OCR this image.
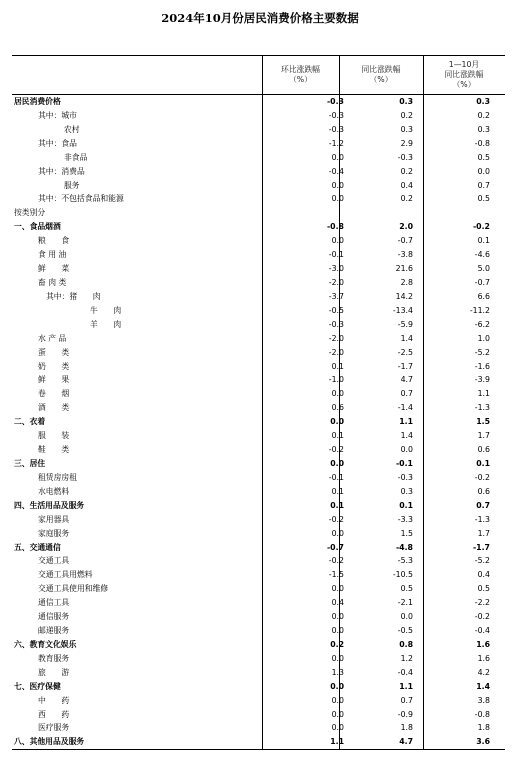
2024年10月份居民消费价格主要数据
环比涨跌幅
（%）
同比涨跌幅
（%）
1—10月
同比涨跌幅
（%）
居民消费价格	-0.3	0.3	0.3
其中：城市	-0.3	0.2	0.2
农村	-0.3	0.3	0.3
其中：食品	-1.2	2.9	-0.8
非食品	0.0	-0.3	0.5
其中：消费品	-0.4	0.2	0.0
服务	0.0	0.4	0.7
其中：不包括食品和能源	0.0	0.2	0.5
按类别分
一、食品烟酒	-0.8	2.0	-0.2
粮　　食	0.0	-0.7	0.1
食 用 油	-0.1	-3.8	-4.6
鲜　　菜	-3.0	21.6	5.0
畜 肉 类	-2.0	2.8	-0.7
其中：猪　　肉	-3.7	14.2	6.6
牛　　肉	-0.5	-13.4	-11.2
羊　　肉	-0.3	-5.9	-6.2
水 产 品	-2.0	1.4	1.0
蛋　　类	-2.0	-2.5	-5.2
奶　　类	0.1	-1.7	-1.6
鲜　　果	-1.0	4.7	-3.9
卷　　烟	0.0	0.7	1.1
酒　　类	0.6	-1.4	-1.3
二、衣着	0.0	1.1	1.5
服　　装	0.1	1.4	1.7
鞋　　类	-0.2	0.0	0.6
三、居住	0.0	-0.1	0.1
租赁房房租	-0.1	-0.3	-0.2
水电燃料	0.1	0.3	0.6
四、生活用品及服务	0.1	0.1	0.7
家用器具	-0.2	-3.3	-1.3
家庭服务	0.0	1.5	1.7
五、交通通信	-0.7	-4.8	-1.7
交通工具	-0.2	-5.3	-5.2
交通工具用燃料	-1.5	-10.5	0.4
交通工具使用和维修	0.0	0.5	0.5
通信工具	0.4	-2.1	-2.2
通信服务	0.0	0.0	-0.2
邮递服务	0.0	-0.5	-0.4
六、教育文化娱乐	0.2	0.8	1.6
教育服务	0.0	1.2	1.6
旅　　游	1.3	-0.4	4.2
七、医疗保健	0.0	1.1	1.4
中　　药	0.0	0.7	3.8
西　　药	0.0	-0.9	-0.8
医疗服务	0.0	1.8	1.8
八、其他用品及服务	1.1	4.7	3.6
